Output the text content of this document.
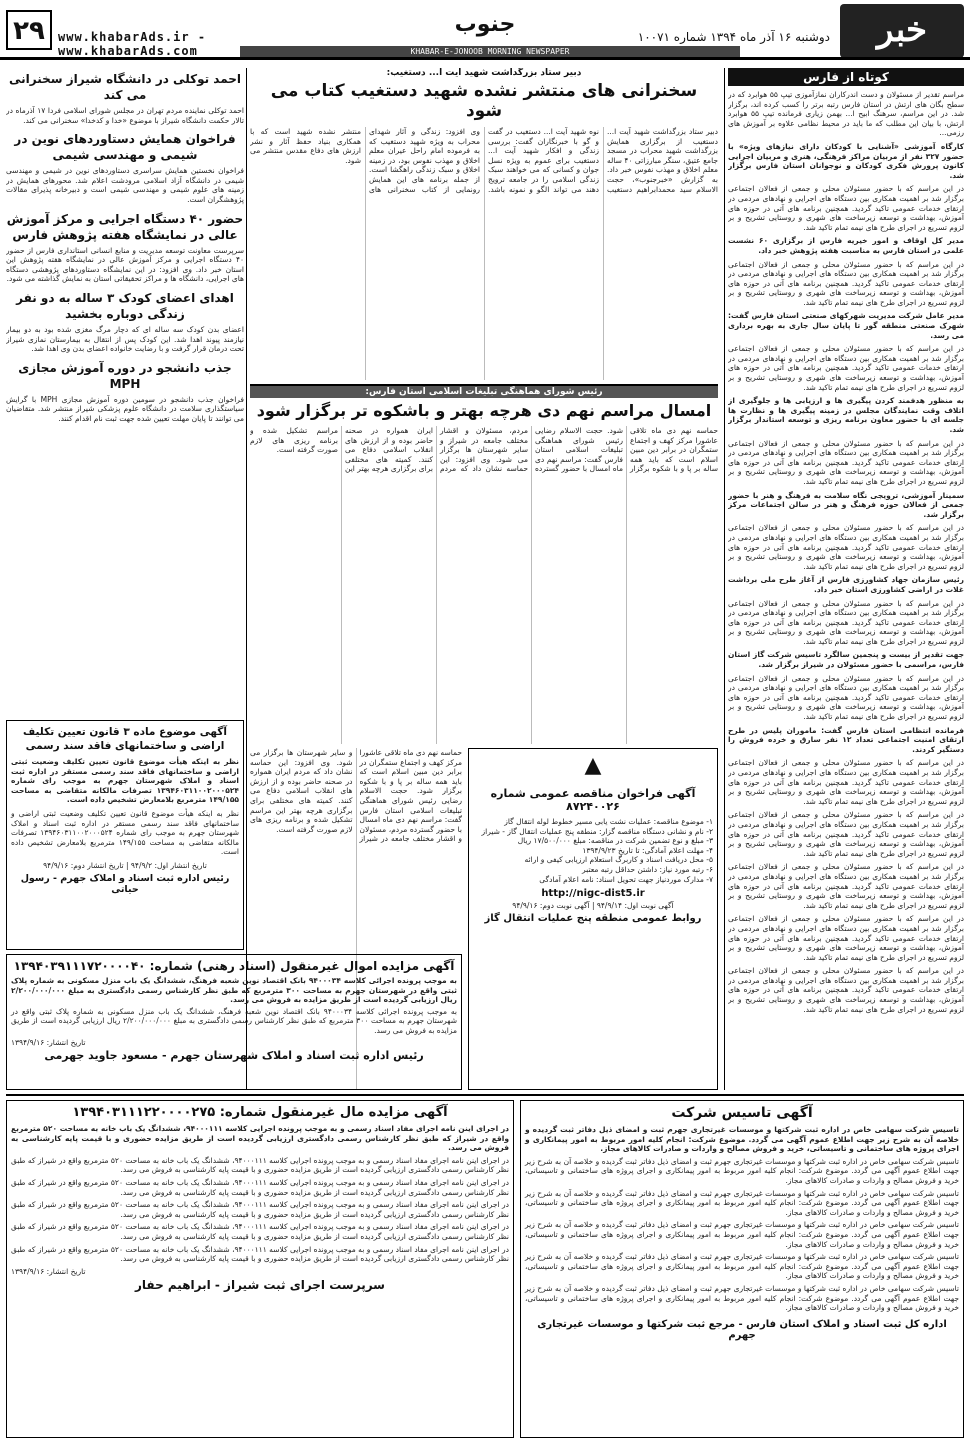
۲۹	www.khabarAds.ir - www.khabarAds.com
جنوب	دوشنبه ۱۶ آذر ماه ۱۳۹۴ شماره ۱۰۰۷۱	خبر
KHABAR-E-JONOOB MORNING NEWSPAPER
کوتاه از فارس
مراسم تقدیر از مسئولان و دست اندرکاران نمازآموزی تیپ ۵۵ هوابرد که در سطح بگان های ارتش در استان فارس رتبه برتر را کسب کرده اند، برگزار شد. در این مراسم، سرهنگ ابیح ا... بهمن زیاری فرمانده تیپ ۵۵ هوابرد ارتش، با بیان این مطلب که ما باید در محیط نظامی علاوه بر آموزش های رزمی...
کارگاه آموزشی «آشنایی با کودکان دارای نیازهای ویژه» با حضور ۳۲۷ نفر از مربیان مراکز فرهنگی، هنری و مربیان اجرایی کانون پرورش فکری کودکان و نوجوانان استان فارس برگزار شد.
در این مراسم که با حضور مسئولان محلی و جمعی از فعالان اجتماعی برگزار شد بر اهمیت همکاری بین دستگاه های اجرایی و نهادهای مردمی در ارتقای خدمات عمومی تاکید گردید. همچنین برنامه های آتی در حوزه های آموزش، بهداشت و توسعه زیرساخت های شهری و روستایی تشریح و بر لزوم تسریع در اجرای طرح های نیمه تمام تاکید شد.
مدیر کل اوقاف و امور خیریه فارس از برگزاری ۶۰ نشست علمی در استان فارس به مناسبت هفته پژوهش خبر داد.
در این مراسم که با حضور مسئولان محلی و جمعی از فعالان اجتماعی برگزار شد بر اهمیت همکاری بین دستگاه های اجرایی و نهادهای مردمی در ارتقای خدمات عمومی تاکید گردید. همچنین برنامه های آتی در حوزه های آموزش، بهداشت و توسعه زیرساخت های شهری و روستایی تشریح و بر لزوم تسریع در اجرای طرح های نیمه تمام تاکید شد.
مدیر عامل شرکت مدیریت شهرکهای صنعتی استان فارس گفت: شهرک صنعتی منطقه گور تا پایان سال جاری به بهره برداری می رسد.
در این مراسم که با حضور مسئولان محلی و جمعی از فعالان اجتماعی برگزار شد بر اهمیت همکاری بین دستگاه های اجرایی و نهادهای مردمی در ارتقای خدمات عمومی تاکید گردید. همچنین برنامه های آتی در حوزه های آموزش، بهداشت و توسعه زیرساخت های شهری و روستایی تشریح و بر لزوم تسریع در اجرای طرح های نیمه تمام تاکید شد.
به منظور هدفمند کردن پیگیری ها و ارزیابی ها و جلوگیری از اتلاف وقت نمایندگان مجلس در زمینه پیگیری ها و نظارت ها جلسه ای با حضور معاون برنامه ریزی و توسعه استاندار برگزار شد.
در این مراسم که با حضور مسئولان محلی و جمعی از فعالان اجتماعی برگزار شد بر اهمیت همکاری بین دستگاه های اجرایی و نهادهای مردمی در ارتقای خدمات عمومی تاکید گردید. همچنین برنامه های آتی در حوزه های آموزش، بهداشت و توسعه زیرساخت های شهری و روستایی تشریح و بر لزوم تسریع در اجرای طرح های نیمه تمام تاکید شد.
سمینار آموزشی، ترویجی نگاه سلامت به فرهنگ و هنر با حضور جمعی از فعالان حوزه فرهنگ و هنر در سالن اجتماعات مرکز برگزار شد.
در این مراسم که با حضور مسئولان محلی و جمعی از فعالان اجتماعی برگزار شد بر اهمیت همکاری بین دستگاه های اجرایی و نهادهای مردمی در ارتقای خدمات عمومی تاکید گردید. همچنین برنامه های آتی در حوزه های آموزش، بهداشت و توسعه زیرساخت های شهری و روستایی تشریح و بر لزوم تسریع در اجرای طرح های نیمه تمام تاکید شد.
رئیس سازمان جهاد کشاورزی فارس از آغاز طرح ملی برداشت غلات در اراضی کشاورزی استان خبر داد.
در این مراسم که با حضور مسئولان محلی و جمعی از فعالان اجتماعی برگزار شد بر اهمیت همکاری بین دستگاه های اجرایی و نهادهای مردمی در ارتقای خدمات عمومی تاکید گردید. همچنین برنامه های آتی در حوزه های آموزش، بهداشت و توسعه زیرساخت های شهری و روستایی تشریح و بر لزوم تسریع در اجرای طرح های نیمه تمام تاکید شد.
جهت تقدیر از بیست و پنجمین سالگرد تاسیس شرکت گاز استان فارس، مراسمی با حضور مسئولان در شیراز برگزار شد.
در این مراسم که با حضور مسئولان محلی و جمعی از فعالان اجتماعی برگزار شد بر اهمیت همکاری بین دستگاه های اجرایی و نهادهای مردمی در ارتقای خدمات عمومی تاکید گردید. همچنین برنامه های آتی در حوزه های آموزش، بهداشت و توسعه زیرساخت های شهری و روستایی تشریح و بر لزوم تسریع در اجرای طرح های نیمه تمام تاکید شد.
فرمانده انتظامی استان فارس گفت: ماموران پلیس در طرح ارتقای امنیت اجتماعی تعداد ۱۲ نفر سارق و خرده فروش را دستگیر کردند.
در این مراسم که با حضور مسئولان محلی و جمعی از فعالان اجتماعی برگزار شد بر اهمیت همکاری بین دستگاه های اجرایی و نهادهای مردمی در ارتقای خدمات عمومی تاکید گردید. همچنین برنامه های آتی در حوزه های آموزش، بهداشت و توسعه زیرساخت های شهری و روستایی تشریح و بر لزوم تسریع در اجرای طرح های نیمه تمام تاکید شد.
در این مراسم که با حضور مسئولان محلی و جمعی از فعالان اجتماعی برگزار شد بر اهمیت همکاری بین دستگاه های اجرایی و نهادهای مردمی در ارتقای خدمات عمومی تاکید گردید. همچنین برنامه های آتی در حوزه های آموزش، بهداشت و توسعه زیرساخت های شهری و روستایی تشریح و بر لزوم تسریع در اجرای طرح های نیمه تمام تاکید شد.
در این مراسم که با حضور مسئولان محلی و جمعی از فعالان اجتماعی برگزار شد بر اهمیت همکاری بین دستگاه های اجرایی و نهادهای مردمی در ارتقای خدمات عمومی تاکید گردید. همچنین برنامه های آتی در حوزه های آموزش، بهداشت و توسعه زیرساخت های شهری و روستایی تشریح و بر لزوم تسریع در اجرای طرح های نیمه تمام تاکید شد.
در این مراسم که با حضور مسئولان محلی و جمعی از فعالان اجتماعی برگزار شد بر اهمیت همکاری بین دستگاه های اجرایی و نهادهای مردمی در ارتقای خدمات عمومی تاکید گردید. همچنین برنامه های آتی در حوزه های آموزش، بهداشت و توسعه زیرساخت های شهری و روستایی تشریح و بر لزوم تسریع در اجرای طرح های نیمه تمام تاکید شد.
در این مراسم که با حضور مسئولان محلی و جمعی از فعالان اجتماعی برگزار شد بر اهمیت همکاری بین دستگاه های اجرایی و نهادهای مردمی در ارتقای خدمات عمومی تاکید گردید. همچنین برنامه های آتی در حوزه های آموزش، بهداشت و توسعه زیرساخت های شهری و روستایی تشریح و بر لزوم تسریع در اجرای طرح های نیمه تمام تاکید شد.
دبیر ستاد بزرگداشت شهید آیت ا... دستغیب:
سخنرانی های منتشر نشده شهید دستغیب کتاب می شود
دبیر ستاد بزرگداشت شهید آیت ا... دستغیب از برگزاری همایش بزرگداشت شهید محراب در مسجد جامع عتیق، سنگر مبارزاتی ۴۰ ساله معلم اخلاق و مهذب نفوس خبر داد. به گزارش «خبرجنوب»، حجت الاسلام سید محمدابراهیم دستغیب نوه شهید آیت ا... دستغیب در گفت و گو با خبرنگاران گفت: بررسی زندگی و افکار شهید آیت ا... دستغیب برای عموم به ویژه نسل جوان و کسانی که می خواهند سبک زندگی اسلامی را در جامعه ترویج دهند می تواند الگو و نمونه باشد. وی افزود: زندگی و آثار شهدای محراب به ویژه شهید دستغیب که به فرموده امام راحل عیران معلم اخلاق و مهذب نفوس بود، در زمینه اخلاق و سبک زندگی راهگشا است. از جمله برنامه های این همایش رونمایی از کتاب سخنرانی های منتشر نشده شهید است که با همکاری بنیاد حفظ آثار و نشر ارزش های دفاع مقدس منتشر می شود.
رئیس شورای هماهنگی تبلیغات اسلامی استان فارس:
امسال مراسم نهم دی هرچه بهتر و باشکوه تر برگزار شود
حماسه نهم دی ماه تلاقی عاشورا مرکز کهف و اجتماع ستمگران در برابر دین مبین اسلام است که باید همه ساله بر پا و با شکوه برگزار شود. حجت الاسلام رضایی رئیس شورای هماهنگی تبلیغات اسلامی استان فارس گفت: مراسم نهم دی ماه امسال با حضور گسترده مردم، مسئولان و اقشار مختلف جامعه در شیراز و سایر شهرستان ها برگزار می شود. وی افزود: این حماسه نشان داد که مردم ایران همواره در صحنه حاضر بوده و از ارزش های انقلاب اسلامی دفاع می کنند. کمیته های مختلفی برای برگزاری هرچه بهتر این مراسم تشکیل شده و برنامه ریزی های لازم صورت گرفته است.
▲
آگهی فراخوان مناقصه عمومی شماره ۸۷۲۴۰۰۲۶
۱- موضوع مناقصه: عملیات نشت یابی مسیر خطوط لوله انتقال گاز
۲- نام و نشانی دستگاه مناقصه گزار: منطقه پنج عملیات انتقال گاز - شیراز
۳- مبلغ و نوع تضمین شرکت در مناقصه: مبلغ ۱۷/۵۰۰/۰۰۰ ریال
۴- مهلت اعلام آمادگی: تا تاریخ ۱۳۹۴/۹/۲۳
۵- محل دریافت اسناد و کاربرگ استعلام ارزیابی کیفی و ارائه
۶- رتبه مورد نیاز: داشتن حداقل رتبه معتبر
۷- مدارک موردنیاز جهت تحویل اسناد: نامه اعلام آمادگی
http://nigc-dist5.ir
آگهی نوبت اول: ۹۴/۹/۱۴ | آگهی نوبت دوم: ۹۴/۹/۱۶
روابط عمومی منطقه پنج عملیات انتقال گاز
حماسه نهم دی ماه تلاقی عاشورا مرکز کهف و اجتماع ستمگران در برابر دین مبین اسلام است که باید همه ساله بر پا و با شکوه برگزار شود. حجت الاسلام رضایی رئیس شورای هماهنگی تبلیغات اسلامی استان فارس گفت: مراسم نهم دی ماه امسال با حضور گسترده مردم، مسئولان و اقشار مختلف جامعه در شیراز و سایر شهرستان ها برگزار می شود. وی افزود: این حماسه نشان داد که مردم ایران همواره در صحنه حاضر بوده و از ارزش های انقلاب اسلامی دفاع می کنند. کمیته های مختلفی برای برگزاری هرچه بهتر این مراسم تشکیل شده و برنامه ریزی های لازم صورت گرفته است.
احمد توکلی در دانشگاه شیراز سخنرانی می کند
احمد توکلی نماینده مردم تهران در مجلس شورای اسلامی فردا ۱۷ آذرماه در تالار حکمت دانشگاه شیراز با موضوع «خدا و کدخدا» سخنرانی می کند.
فراخوان همایش دستاوردهای نوین در شیمی و مهندسی شیمی
فراخوان نخستین همایش سراسری دستاوردهای نوین در شیمی و مهندسی شیمی در دانشگاه آزاد اسلامی مرودشت اعلام شد. محورهای همایش در زمینه های علوم شیمی و مهندسی شیمی است و دبیرخانه پذیرای مقالات پژوهشگران است.
حضور ۴۰ دستگاه اجرایی و مرکز آموزش عالی در نمایشگاه هفته پژوهش فارس
سرپرست معاونت توسعه مدیریت و منابع انسانی استانداری فارس از حضور ۴۰ دستگاه اجرایی و مرکز آموزش عالی در نمایشگاه هفته پژوهش این استان خبر داد. وی افزود: در این نمایشگاه دستاوردهای پژوهشی دستگاه های اجرایی، دانشگاه ها و مراکز تحقیقاتی استان به نمایش گذاشته می شود.
اهدای اعضای کودک ۳ ساله به دو نفر زندگی دوباره بخشید
اعضای بدن کودک سه ساله ای که دچار مرگ مغزی شده بود به دو بیمار نیازمند پیوند اهدا شد. این کودک پس از انتقال به بیمارستان نمازی شیراز تحت درمان قرار گرفت و با رضایت خانواده اعضای بدن وی اهدا شد.
جذب دانشجو در دوره آموزش مجازی MPH
فراخوان جذب دانشجو در سومین دوره آموزش مجازی MPH با گرایش سیاستگذاری سلامت در دانشگاه علوم پزشکی شیراز منتشر شد. متقاضیان می توانند تا پایان مهلت تعیین شده جهت ثبت نام اقدام کنند.
آگهی موضوع ماده ۳ قانون تعیین تکلیف اراضی و ساختمانهای فاقد سند رسمی
نظر به اینکه هیأت موضوع قانون تعیین تکلیف وضعیت ثبتی اراضی و ساختمانهای فاقد سند رسمی مستقر در اداره ثبت اسناد و املاک شهرستان جهرم به موجب رای شماره ۱۳۹۴۶۰۳۱۱۰۰۲۰۰۰۵۲۴ تصرفات مالکانه متقاضی به مساحت ۱۴۹/۱۵۵ مترمربع بلامعارض تشخیص داده است.
نظر به اینکه هیأت موضوع قانون تعیین تکلیف وضعیت ثبتی اراضی و ساختمانهای فاقد سند رسمی مستقر در اداره ثبت اسناد و املاک شهرستان جهرم به موجب رای شماره ۱۳۹۴۶۰۳۱۱۰۰۲۰۰۰۵۲۴ تصرفات مالکانه متقاضی به مساحت ۱۴۹/۱۵۵ مترمربع بلامعارض تشخیص داده است.
تاریخ انتشار اول: ۹۴/۹/۲ | تاریخ انتشار دوم: ۹۴/۹/۱۶
رئیس اداره ثبت اسناد و املاک جهرم - رسول حیاتی
آگهی مزایده اموال غیرمنقول (اسناد رهنی) شماره: ۱۳۹۴۰۳۹۱۱۱۷۲۰۰۰۰۴۰
به موجب پرونده اجرائی کلاسه ۹۴۰۰۰۳۴ بانک اقتصاد نوین شعبه فرهنگ، ششدانگ یک باب منزل مسکونی به شماره پلاک ثبتی واقع در شهرستان جهرم به مساحت ۳۰۰ مترمربع که طبق نظر کارشناس رسمی دادگستری به مبلغ ۲/۲۰۰/۰۰۰/۰۰۰ ریال ارزیابی گردیده است از طریق مزایده به فروش می رسد.
به موجب پرونده اجرائی کلاسه ۹۴۰۰۰۳۴ بانک اقتصاد نوین شعبه فرهنگ، ششدانگ یک باب منزل مسکونی به شماره پلاک ثبتی واقع در شهرستان جهرم به مساحت ۳۰۰ مترمربع که طبق نظر کارشناس رسمی دادگستری به مبلغ ۲/۲۰۰/۰۰۰/۰۰۰ ریال ارزیابی گردیده است از طریق مزایده به فروش می رسد.
تاریخ انتشار: ۱۳۹۴/۹/۱۶
رئیس اداره ثبت اسناد و املاک شهرستان جهرم - مسعود جاوید جهرمی
آگهی تاسیس شرکت
تاسیس شرکت سهامی خاص در اداره ثبت شرکتها و موسسات غیرتجاری جهرم ثبت و امضای ذیل دفاتر ثبت گردیده و خلاصه آن به شرح زیر جهت اطلاع عموم آگهی می گردد. موضوع شرکت: انجام کلیه امور مربوط به امور پیمانکاری و اجرای پروژه های ساختمانی و تاسیساتی، خرید و فروش مصالح و واردات و صادرات کالاهای مجاز.
تاسیس شرکت سهامی خاص در اداره ثبت شرکتها و موسسات غیرتجاری جهرم ثبت و امضای ذیل دفاتر ثبت گردیده و خلاصه آن به شرح زیر جهت اطلاع عموم آگهی می گردد. موضوع شرکت: انجام کلیه امور مربوط به امور پیمانکاری و اجرای پروژه های ساختمانی و تاسیساتی، خرید و فروش مصالح و واردات و صادرات کالاهای مجاز.
تاسیس شرکت سهامی خاص در اداره ثبت شرکتها و موسسات غیرتجاری جهرم ثبت و امضای ذیل دفاتر ثبت گردیده و خلاصه آن به شرح زیر جهت اطلاع عموم آگهی می گردد. موضوع شرکت: انجام کلیه امور مربوط به امور پیمانکاری و اجرای پروژه های ساختمانی و تاسیساتی، خرید و فروش مصالح و واردات و صادرات کالاهای مجاز.
تاسیس شرکت سهامی خاص در اداره ثبت شرکتها و موسسات غیرتجاری جهرم ثبت و امضای ذیل دفاتر ثبت گردیده و خلاصه آن به شرح زیر جهت اطلاع عموم آگهی می گردد. موضوع شرکت: انجام کلیه امور مربوط به امور پیمانکاری و اجرای پروژه های ساختمانی و تاسیساتی، خرید و فروش مصالح و واردات و صادرات کالاهای مجاز.
تاسیس شرکت سهامی خاص در اداره ثبت شرکتها و موسسات غیرتجاری جهرم ثبت و امضای ذیل دفاتر ثبت گردیده و خلاصه آن به شرح زیر جهت اطلاع عموم آگهی می گردد. موضوع شرکت: انجام کلیه امور مربوط به امور پیمانکاری و اجرای پروژه های ساختمانی و تاسیساتی، خرید و فروش مصالح و واردات و صادرات کالاهای مجاز.
تاسیس شرکت سهامی خاص در اداره ثبت شرکتها و موسسات غیرتجاری جهرم ثبت و امضای ذیل دفاتر ثبت گردیده و خلاصه آن به شرح زیر جهت اطلاع عموم آگهی می گردد. موضوع شرکت: انجام کلیه امور مربوط به امور پیمانکاری و اجرای پروژه های ساختمانی و تاسیساتی، خرید و فروش مصالح و واردات و صادرات کالاهای مجاز.
اداره کل ثبت اسناد و املاک استان فارس - مرجع ثبت شرکتها و موسسات غیرتجاری جهرم
آگهی مزایده مال غیرمنقول شماره: ۱۳۹۴۰۳۱۱۱۲۲۰۰۰۰۲۷۵
در اجرای اینن نامه اجرای مفاد اسناد رسمی و به موجب پرونده اجرایی کلاسه ۹۴۰۰۰۱۱۱، ششدانگ یک باب خانه به مساحت ۵۲۰ مترمربع واقع در شیراز که طبق نظر کارشناس رسمی دادگستری ارزیابی گردیده است از طریق مزایده حضوری و با قیمت پایه کارشناسی به فروش می رسد.
در اجرای اینن نامه اجرای مفاد اسناد رسمی و به موجب پرونده اجرایی کلاسه ۹۴۰۰۰۱۱۱، ششدانگ یک باب خانه به مساحت ۵۲۰ مترمربع واقع در شیراز که طبق نظر کارشناس رسمی دادگستری ارزیابی گردیده است از طریق مزایده حضوری و با قیمت پایه کارشناسی به فروش می رسد.
در اجرای اینن نامه اجرای مفاد اسناد رسمی و به موجب پرونده اجرایی کلاسه ۹۴۰۰۰۱۱۱، ششدانگ یک باب خانه به مساحت ۵۲۰ مترمربع واقع در شیراز که طبق نظر کارشناس رسمی دادگستری ارزیابی گردیده است از طریق مزایده حضوری و با قیمت پایه کارشناسی به فروش می رسد.
در اجرای اینن نامه اجرای مفاد اسناد رسمی و به موجب پرونده اجرایی کلاسه ۹۴۰۰۰۱۱۱، ششدانگ یک باب خانه به مساحت ۵۲۰ مترمربع واقع در شیراز که طبق نظر کارشناس رسمی دادگستری ارزیابی گردیده است از طریق مزایده حضوری و با قیمت پایه کارشناسی به فروش می رسد.
در اجرای اینن نامه اجرای مفاد اسناد رسمی و به موجب پرونده اجرایی کلاسه ۹۴۰۰۰۱۱۱، ششدانگ یک باب خانه به مساحت ۵۲۰ مترمربع واقع در شیراز که طبق نظر کارشناس رسمی دادگستری ارزیابی گردیده است از طریق مزایده حضوری و با قیمت پایه کارشناسی به فروش می رسد.
در اجرای اینن نامه اجرای مفاد اسناد رسمی و به موجب پرونده اجرایی کلاسه ۹۴۰۰۰۱۱۱، ششدانگ یک باب خانه به مساحت ۵۲۰ مترمربع واقع در شیراز که طبق نظر کارشناس رسمی دادگستری ارزیابی گردیده است از طریق مزایده حضوری و با قیمت پایه کارشناسی به فروش می رسد.
تاریخ انتشار: ۱۳۹۴/۹/۱۶
سرپرست اجرای ثبت شیراز - ابراهیم حفار
